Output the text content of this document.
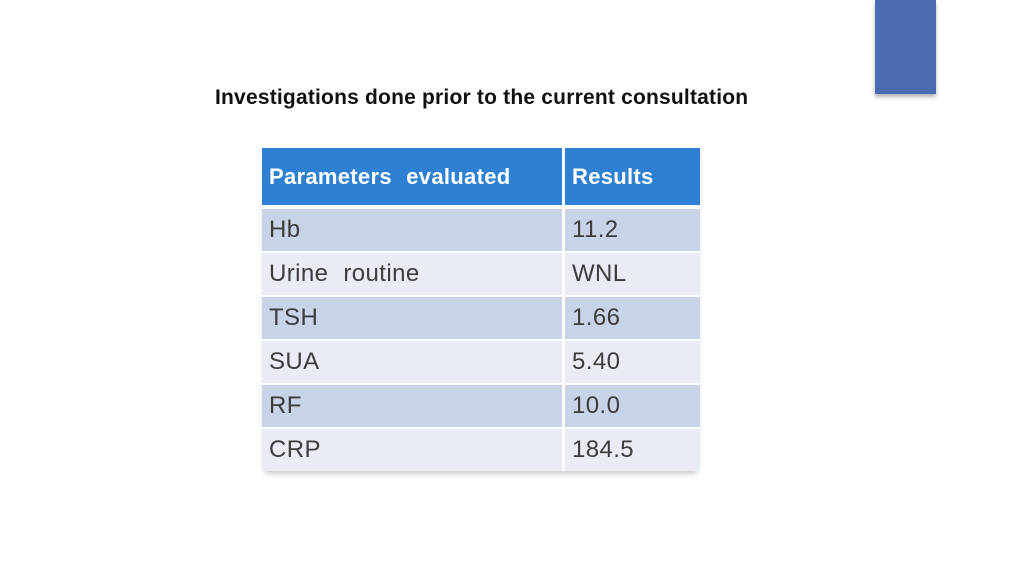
Investigations done prior to the current consultation
Parameters evaluated	Results
Hb	11.2
Urine routine	WNL
TSH	1.66
SUA	5.40
RF	10.0
CRP	184.5
